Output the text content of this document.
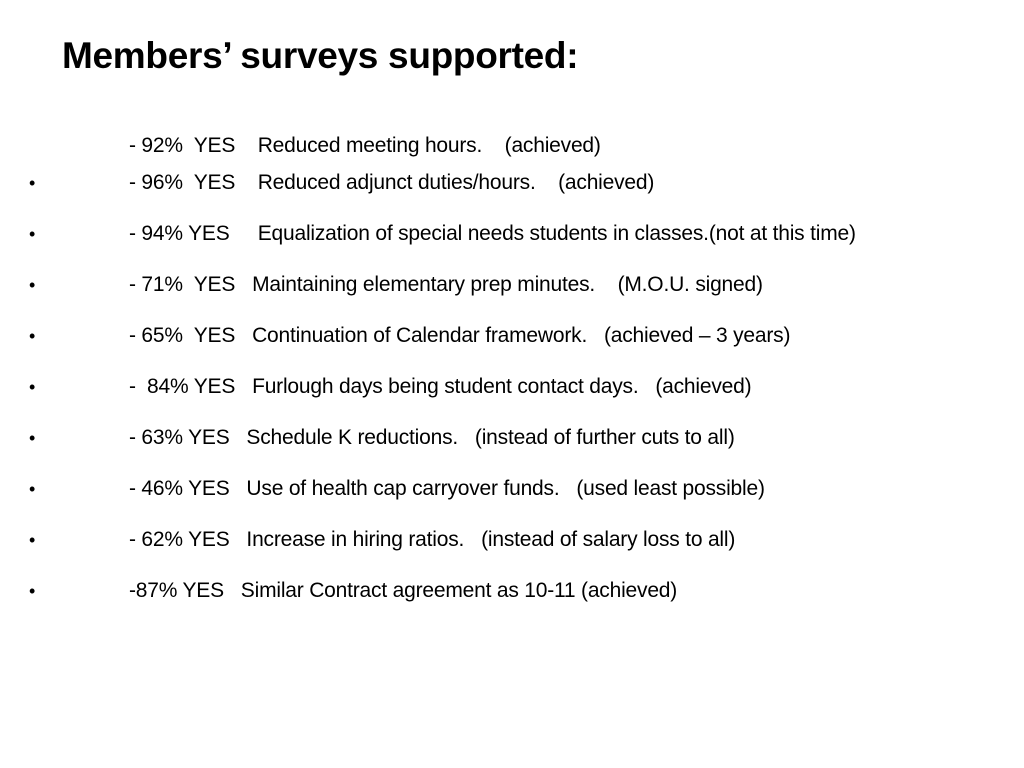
Members’ surveys supported:
- 92%  YES    Reduced meeting hours.    (achieved)
•	- 96%  YES    Reduced adjunct duties/hours.    (achieved)
•	- 94% YES     Equalization of special needs students in classes.(not at this time)
•	- 71%  YES   Maintaining elementary prep minutes.    (M.O.U. signed)
•	- 65%  YES   Continuation of Calendar framework.   (achieved – 3 years)
•	-  84% YES   Furlough days being student contact days.   (achieved)
•	- 63% YES   Schedule K reductions.   (instead of further cuts to all)
•	- 46% YES   Use of health cap carryover funds.   (used least possible)
•	- 62% YES   Increase in hiring ratios.   (instead of salary loss to all)
•	-87% YES   Similar Contract agreement as 10-11 (achieved)
